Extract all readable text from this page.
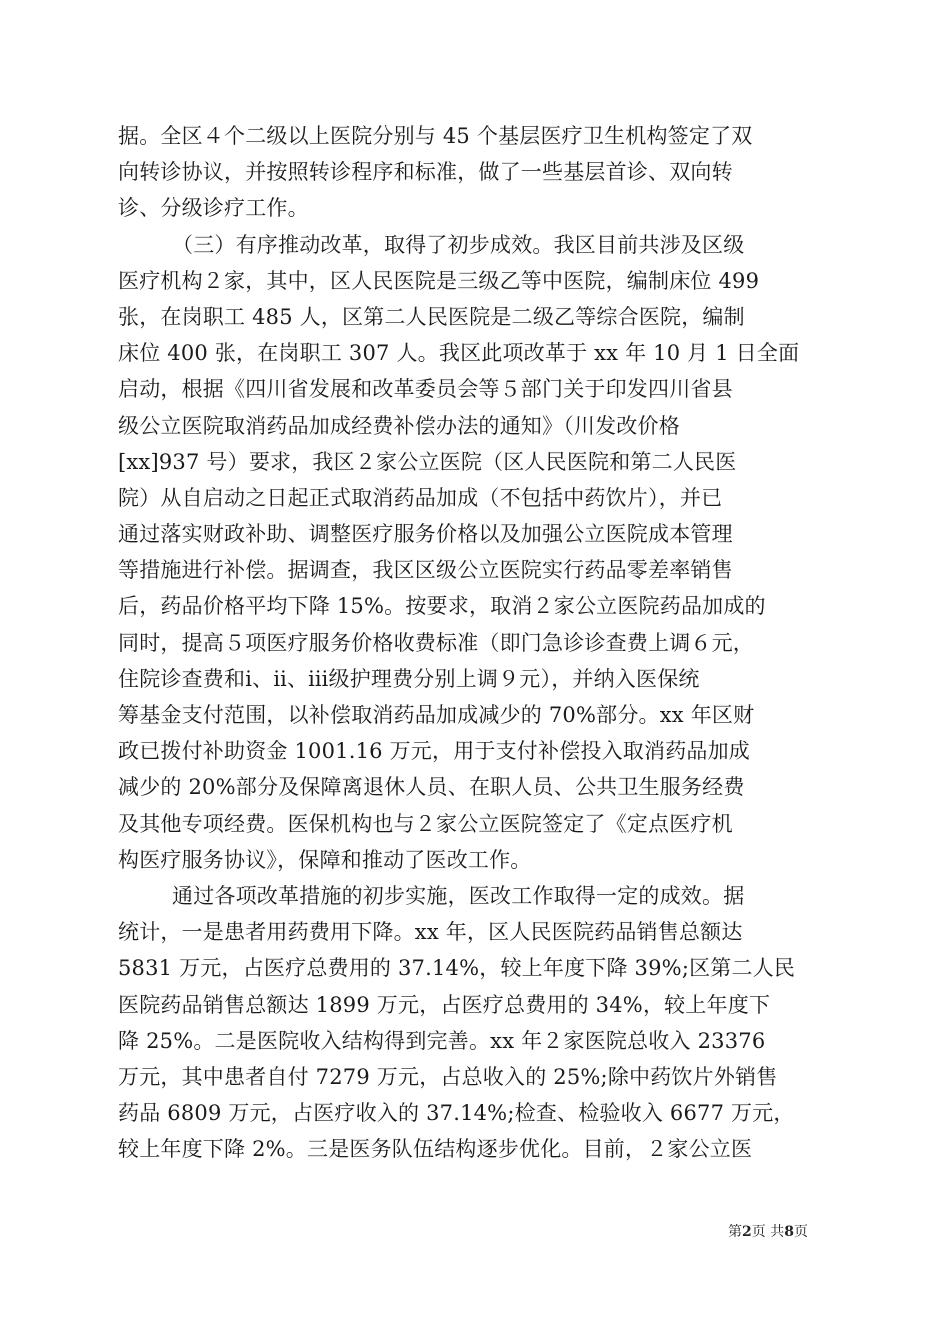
据。全区４个二级以上医院分别与 45 个基层医疗卫生机构签定了双
向转诊协议，并按照转诊程序和标准，做了一些基层首诊、双向转
诊、分级诊疗工作。
（三）有序推动改革，取得了初步成效。我区目前共涉及区级
医疗机构２家，其中，区人民医院是三级乙等中医院，编制床位 499
张，在岗职工 485 人，区第二人民医院是二级乙等综合医院，编制
床位 400 张，在岗职工 307 人。我区此项改革于 xx 年 10 月 1 日全面
启动，根据《四川省发展和改革委员会等５部门关于印发四川省县
级公立医院取消药品加成经费补偿办法的通知》（川发改价格
[xx]937 号）要求，我区２家公立医院（区人民医院和第二人民医
院）从自启动之日起正式取消药品加成（不包括中药饮片），并已
通过落实财政补助、调整医疗服务价格以及加强公立医院成本管理
等措施进行补偿。据调查，我区区级公立医院实行药品零差率销售
后，药品价格平均下降 15%。按要求，取消２家公立医院药品加成的
同时，提高５项医疗服务价格收费标准（即门急诊诊查费上调６元，
住院诊查费和ⅰ、ⅱ、ⅲ级护理费分别上调９元），并纳入医保统
筹基金支付范围，以补偿取消药品加成减少的 70%部分。xx 年区财
政已拨付补助资金 1001.16 万元，用于支付补偿投入取消药品加成
减少的 20%部分及保障离退休人员、在职人员、公共卫生服务经费
及其他专项经费。医保机构也与２家公立医院签定了《定点医疗机
构医疗服务协议》，保障和推动了医改工作。
通过各项改革措施的初步实施，医改工作取得一定的成效。据
统计，一是患者用药费用下降。xx 年，区人民医院药品销售总额达
5831 万元，占医疗总费用的 37.14%，较上年度下降 39%;区第二人民
医院药品销售总额达 1899 万元，占医疗总费用的 34%，较上年度下
降 25%。二是医院收入结构得到完善。xx 年２家医院总收入 23376
万元，其中患者自付 7279 万元，占总收入的 25%;除中药饮片外销售
药品 6809 万元，占医疗收入的 37.14%;检查、检验收入 6677 万元，
较上年度下降 2%。三是医务队伍结构逐步优化。目前，２家公立医
第2页 共8页
